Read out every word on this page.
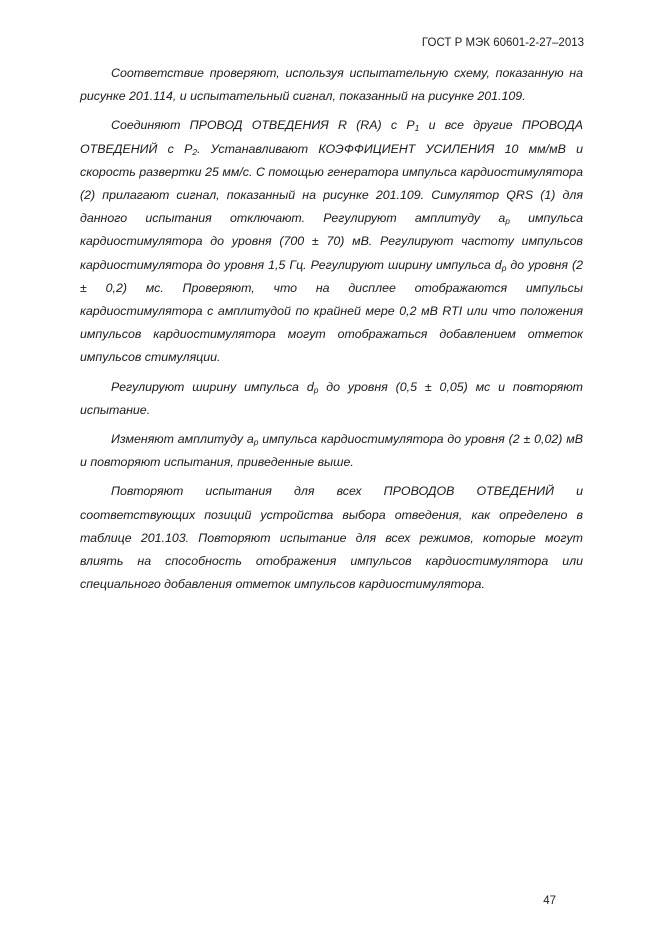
ГОСТ Р МЭК 60601-2-27–2013

Соответствие проверяют, используя испытательную схему, показанную на рисунке 201.114, и испытательный сигнал, показанный на рисунке 201.109.

Соединяют ПРОВОД ОТВЕДЕНИЯ R (RA) с $P_1$ и все другие ПРОВОДА ОТВЕДЕНИЙ с $P_2$. Устанавливают КОЭФФИЦИЕНТ УСИЛЕНИЯ 10 мм/мВ и скорость развертки 25 мм/с. С помощью генератора импульса кардиостимулятора (2) прилагают сигнал, показанный на рисунке 201.109. Симулятор QRS (1) для данного испытания отключают. Регулируют амплитуду $a_p$ импульса кардиостимулятора до уровня (700 ± 70) мВ. Регулируют частоту импульсов кардиостимулятора до уровня 1,5 Гц. Регулируют ширину импульса $d_p$ до уровня (2 ± 0,2) мс. Проверяют, что на дисплее отображаются импульсы кардиостимулятора с амплитудой по крайней мере 0,2 мВ RTI или что положения импульсов кардиостимулятора могут отображаться добавлением отметок импульсов стимуляции.

Регулируют ширину импульса $d_p$ до уровня (0,5 ± 0,05) мс и повторяют испытание.

Изменяют амплитуду $a_p$ импульса кардиостимулятора до уровня (2 ± 0,02) мВ и повторяют испытания, приведенные выше.

Повторяют испытания для всех ПРОВОДОВ ОТВЕДЕНИЙ и соответствующих позиций устройства выбора отведения, как определено в таблице 201.103. Повторяют испытание для всех режимов, которые могут влиять на способность отображения импульсов кардиостимулятора или специального добавления отметок импульсов кардиостимулятора.

47
